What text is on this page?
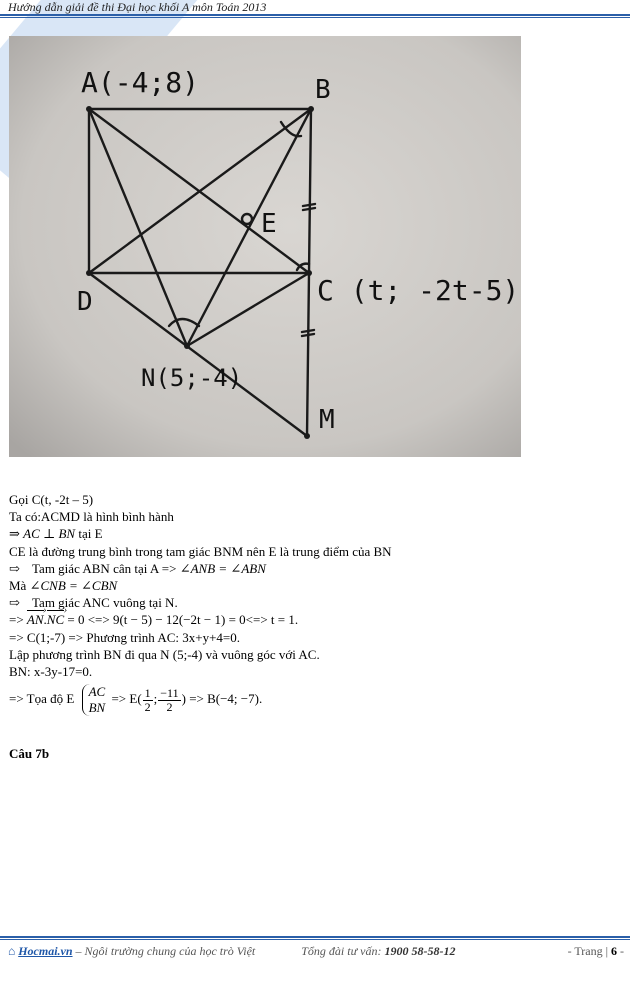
Hướng dẫn giải đề thi Đại học khối A môn Toán 2013
A(-4;8)	B
C (t; -2t-5)
D
E
N(5;-4)
M
Gọi C(t, -2t – 5)
Ta có:ACMD là hình bình hành
⇒ AC ⊥ BN tại E
CE là đường trung bình trong tam giác BNM nên E là trung điểm của BN
⇨ Tam giác ABN cân tại A => ∠ANB = ∠ABN
Mà ∠CNB = ∠CBN
⇨ Tam giác ANC vuông tại N.
=> AN ›.NC › = 0 <=> 9(t − 5) − 12(−2t − 1) = 0<=> t = 1.
=> C(1;-7) => Phương trình AC: 3x+y+4=0.
Lập phương trình BN đi qua N (5;-4) và vuông góc với AC.
BN: x-3y-17=0.
=> Tọa độ E AC
BN
=> $E( \frac{1}{2}$ ; $\frac{-11}{2}$ ) => B(−4; −7).
Câu 7b
⌂ Hocmai.vn – Ngôi trường chung của học trò Việt	Tổng đài tư vấn: 1900 58-58-12	- Trang | 6 -
